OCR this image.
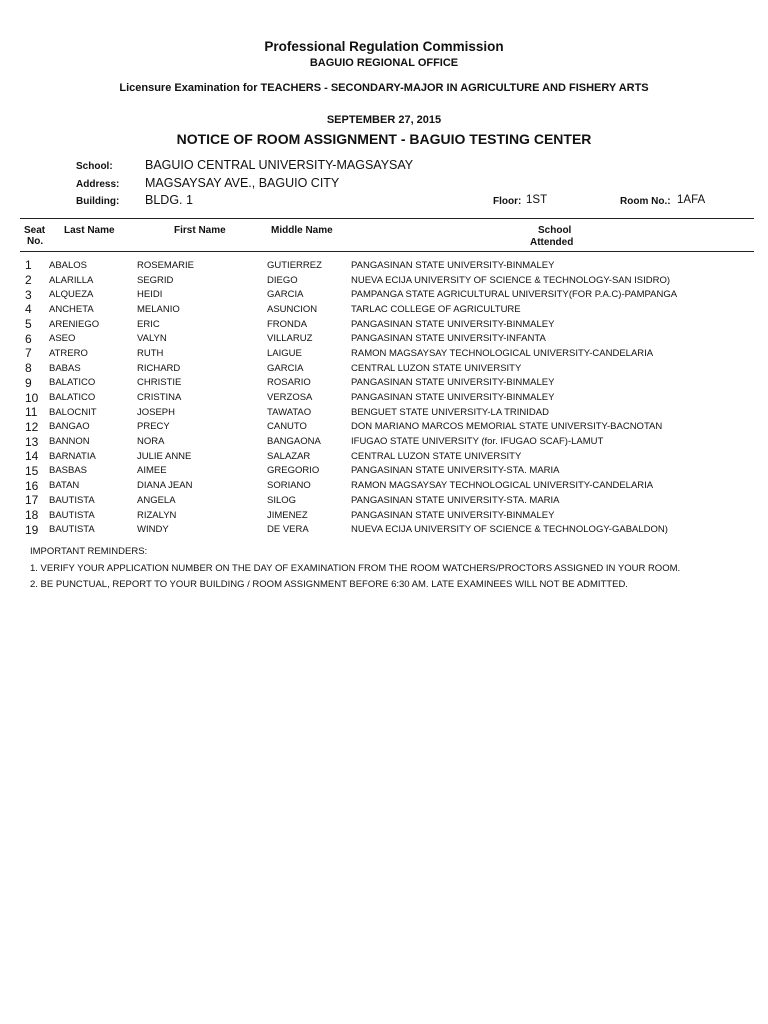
Professional Regulation Commission
BAGUIO REGIONAL OFFICE
Licensure Examination for TEACHERS - SECONDARY-MAJOR IN AGRICULTURE AND FISHERY ARTS
SEPTEMBER 27, 2015
NOTICE OF ROOM ASSIGNMENT - BAGUIO TESTING CENTER
School:	BAGUIO CENTRAL UNIVERSITY-MAGSAYSAY
Address: MAGSAYSAY AVE., BAGUIO CITY
Building: BLDG. 1	Floor: 1ST	Room No.: 1AFA
Seat
No.
Last Name	First Name	Middle Name	School
Attended
1	ABALOS	ROSEMARIE	GUTIERREZ	PANGASINAN STATE UNIVERSITY-BINMALEY
2	ALARILLA	SEGRID	DIEGO	NUEVA ECIJA UNIVERSITY OF SCIENCE & TECHNOLOGY-SAN ISIDRO)
3	ALQUEZA	HEIDI	GARCIA	PAMPANGA STATE AGRICULTURAL UNIVERSITY(FOR P.A.C)-PAMPANGA
4	ANCHETA	MELANIO	ASUNCION	TARLAC COLLEGE OF AGRICULTURE
5	ARENIEGO	ERIC	FRONDA	PANGASINAN STATE UNIVERSITY-BINMALEY
6	ASEO	VALYN	VILLARUZ	PANGASINAN STATE UNIVERSITY-INFANTA
7	ATRERO	RUTH	LAIGUE	RAMON MAGSAYSAY TECHNOLOGICAL UNIVERSITY-CANDELARIA
8	BABAS	RICHARD	GARCIA	CENTRAL LUZON STATE UNIVERSITY
9	BALATICO	CHRISTIE	ROSARIO	PANGASINAN STATE UNIVERSITY-BINMALEY
10	BALATICO	CRISTINA	VERZOSA	PANGASINAN STATE UNIVERSITY-BINMALEY
11	BALOCNIT	JOSEPH	TAWATAO	BENGUET STATE UNIVERSITY-LA TRINIDAD
12	BANGAO	PRECY	CANUTO	DON MARIANO MARCOS MEMORIAL STATE UNIVERSITY-BACNOTAN
13	BANNON	NORA	BANGAONA	IFUGAO STATE UNIVERSITY (for. IFUGAO SCAF)-LAMUT
14	BARNATIA	JULIE ANNE	SALAZAR	CENTRAL LUZON STATE UNIVERSITY
15	BASBAS	AIMEE	GREGORIO	PANGASINAN STATE UNIVERSITY-STA. MARIA
16	BATAN	DIANA JEAN	SORIANO	RAMON MAGSAYSAY TECHNOLOGICAL UNIVERSITY-CANDELARIA
17	BAUTISTA	ANGELA	SILOG	PANGASINAN STATE UNIVERSITY-STA. MARIA
18	BAUTISTA	RIZALYN	JIMENEZ	PANGASINAN STATE UNIVERSITY-BINMALEY
19	BAUTISTA	WINDY	DE VERA	NUEVA ECIJA UNIVERSITY OF SCIENCE & TECHNOLOGY-GABALDON)
IMPORTANT REMINDERS:
1. VERIFY YOUR APPLICATION NUMBER ON THE DAY OF EXAMINATION FROM THE ROOM WATCHERS/PROCTORS ASSIGNED IN YOUR ROOM.
2. BE PUNCTUAL, REPORT TO YOUR BUILDING / ROOM ASSIGNMENT BEFORE 6:30 AM. LATE EXAMINEES WILL NOT BE ADMITTED.
